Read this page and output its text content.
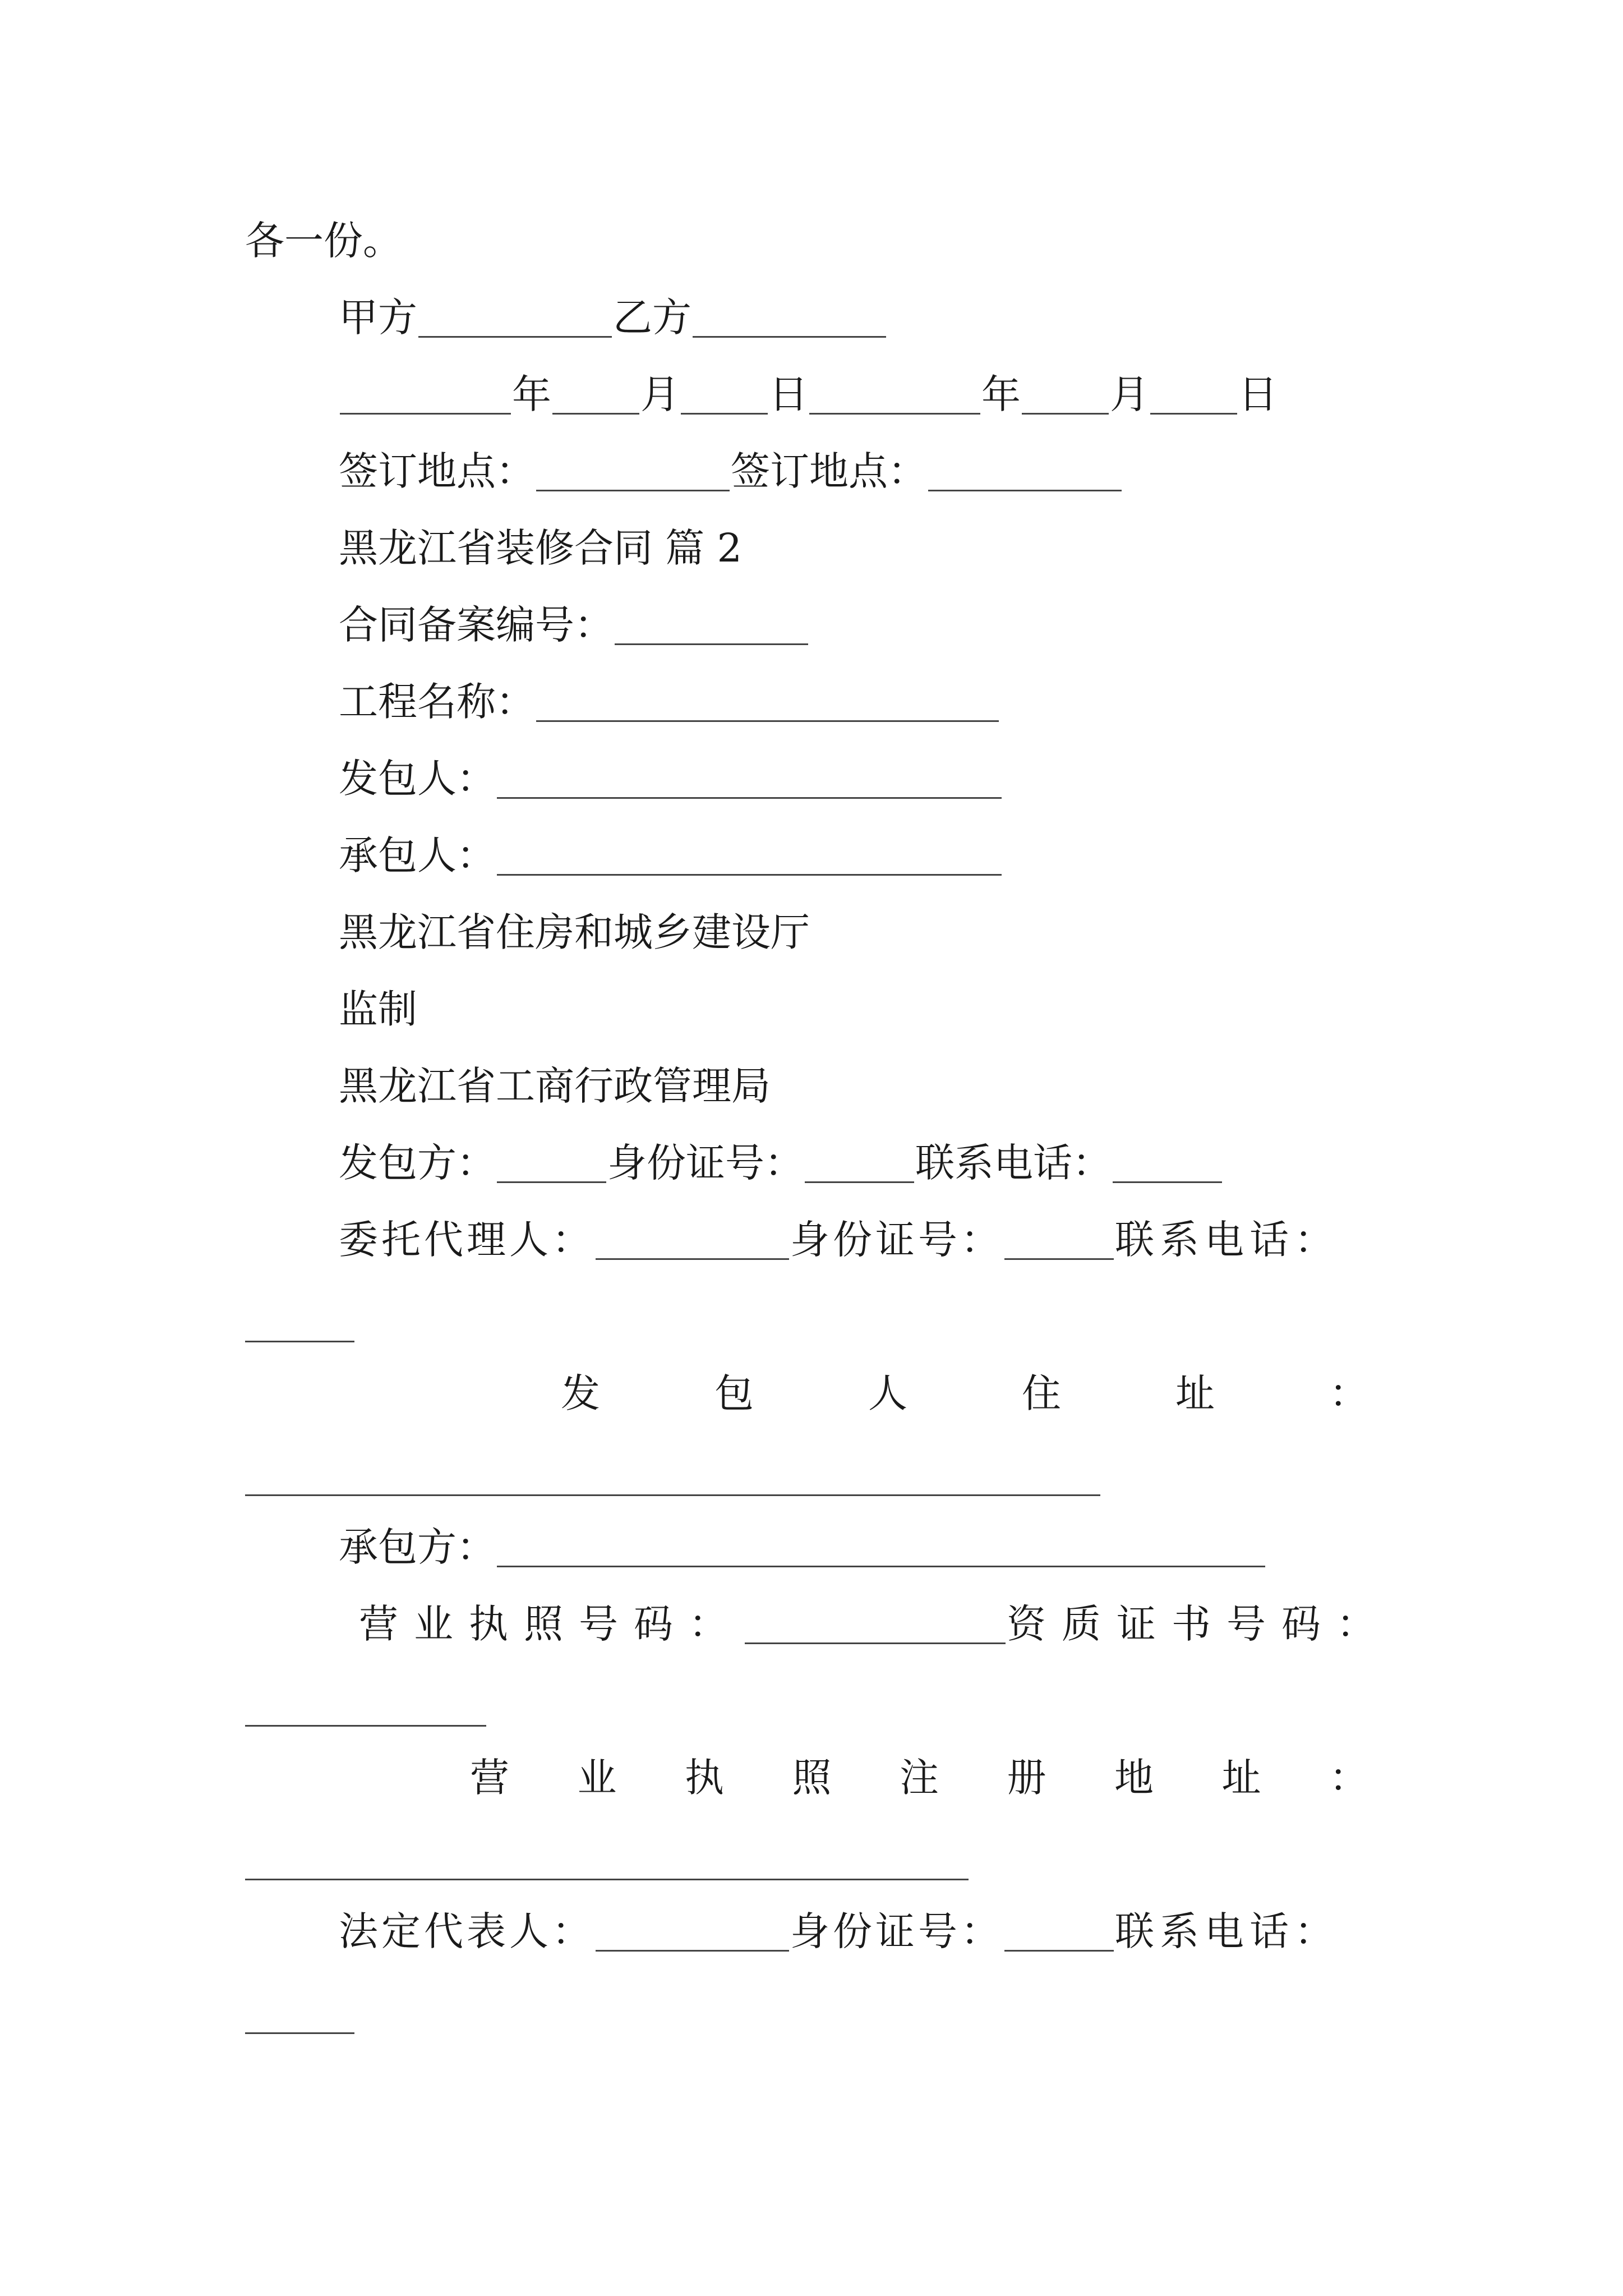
各一份。
甲方	乙方
年 月 日	年 月 日
签订地点：	签订地点：
黑龙江省装修合同 篇 2
合同备案编号：
工程名称：
发包人：
承包人：
黑龙江省住房和城乡建设厅
监制
黑龙江省工商行政管理局
发包方：	身份证号：	联系电话：
委托代理人：	身份证号：	联系电话：
发	包	人	住	址	：
承包方：
营业执照号码：	资质证书号码：
营 业 执 照 注 册 地 址 ：
法定代表人：	身份证号：	联系电话：
